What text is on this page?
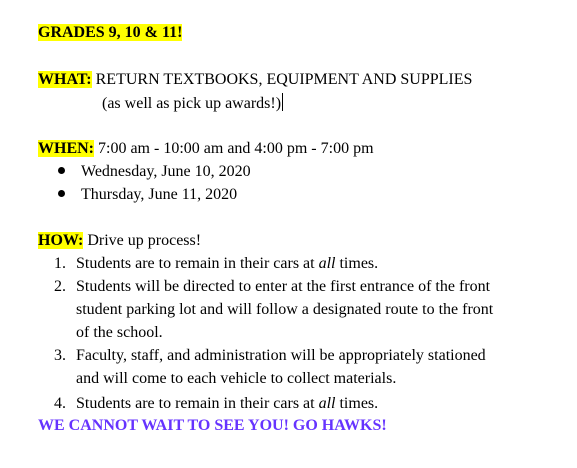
GRADES 9, 10 & 11!
WHAT: RETURN TEXTBOOKS, EQUIPMENT AND SUPPLIES
(as well as pick up awards!)
WHEN: 7:00 am - 10:00 am and 4:00 pm - 7:00 pm
Wednesday, June 10, 2020
Thursday, June 11, 2020
HOW: Drive up process!
1. Students are to remain in their cars at all times.
2. Students will be directed to enter at the first entrance of the front
student parking lot and will follow a designated route to the front
of the school.
3. Faculty, staff, and administration will be appropriately stationed
and will come to each vehicle to collect materials.
4. Students are to remain in their cars at all times.
WE CANNOT WAIT TO SEE YOU! GO HAWKS!
